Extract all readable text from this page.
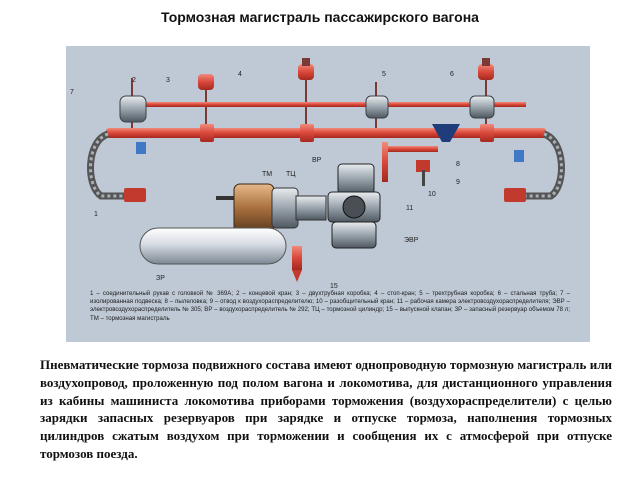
Тормозная магистраль пассажирского вагона
1
2	3
4	5	6
7
8
9
10
11
15
ТМ ТЦ
ВР
ЭВР
ЗР
1 – соединительный рукав с головкой № 369А; 2 – концевой кран; 3 – двухтрубная коробка; 4 – стоп-кран; 5 – трехтрубная коробка; 6 – стальная труба; 7 – изолированная подвеска; 8 – пылеловка; 9 – отвод к воздухораспределителю; 10 – разобщительный кран; 11 – рабочая камера электровоздухораспределителя; ЭВР – электровоздухораспределитель № 305; ВР – воздухораспределитель № 292; ТЦ – тормозной цилиндр; 15 – выпускной клапан; ЗР – запасный резервуар объемом 78 л; ТМ – тормозная магистраль
Пневматические тормоза подвижного состава имеют однопроводную тормозную магистраль или воздухопровод, проложенную под полом вагона и локомотива, для дистанционного управления из кабины машиниста локомотива приборами торможения (воздухораспределители) с целью зарядки запасных резервуаров при зарядке и отпуске тормоза, наполнения тормозных цилиндров сжатым воздухом при торможении и сообщения их с атмосферой при отпуске тормозов поезда.
